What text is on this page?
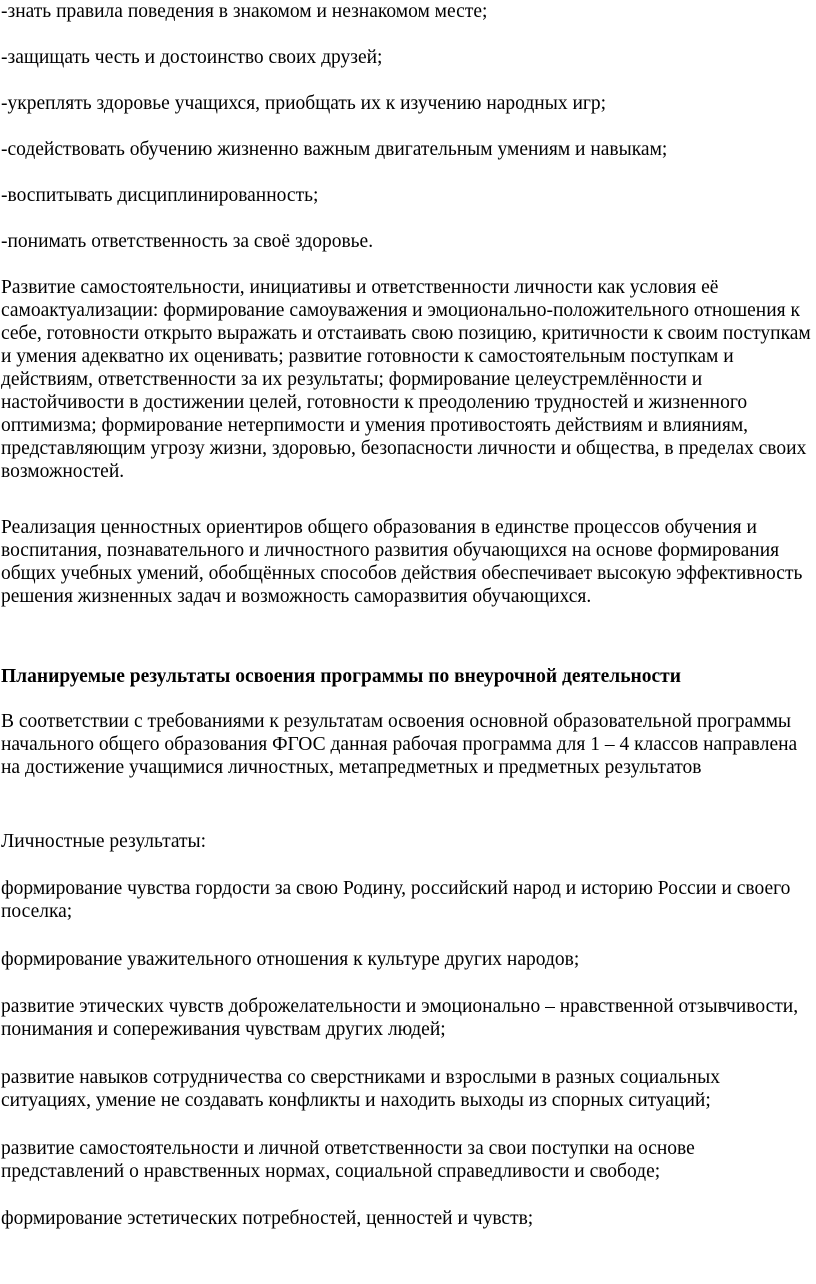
-знать правила поведения в знакомом и незнакомом месте;

-защищать честь и достоинство своих друзей;

-укреплять здоровье учащихся, приобщать их к изучению народных игр;

-содействовать обучению жизненно важным двигательным умениям и навыкам;

-воспитывать дисциплинированность;

-понимать ответственность за своё здоровье.

Развитие самостоятельности, инициативы и ответственности личности как условия её самоактуализации: формирование самоуважения и эмоционально-положительного отношения к себе, готовности открыто выражать и отстаивать свою позицию, критичности к своим поступкам и умения адекватно их оценивать; развитие готовности к самостоятельным поступкам и действиям, ответственности за их результаты; формирование целеустремлённости и настойчивости в достижении целей, готовности к преодолению трудностей и жизненного оптимизма; формирование нетерпимости и умения противостоять действиям и влияниям, представляющим угрозу жизни, здоровью, безопасности личности и общества, в пределах своих возможностей.

Реализация ценностных ориентиров общего образования в единстве процессов обучения и воспитания, познавательного и личностного развития обучающихся на основе формирования общих учебных умений, обобщённых способов действия обеспечивает высокую эффективность решения жизненных задач и возможность саморазвития обучающихся.

Планируемые результаты освоения программы по внеурочной деятельности

В соответствии с требованиями к результатам освоения основной образовательной программы начального общего образования ФГОС данная рабочая программа для 1 – 4 классов направлена на достижение учащимися личностных, метапредметных и предметных результатов

Личностные результаты:

формирование чувства гордости за свою Родину, российский народ и историю России и своего поселка;

формирование уважительного отношения к культуре других народов;

развитие этических чувств доброжелательности и эмоционально – нравственной отзывчивости, понимания и сопереживания чувствам других людей;

развитие навыков сотрудничества со сверстниками и взрослыми в разных социальных ситуациях, умение не создавать конфликты и находить выходы из спорных ситуаций;

развитие самостоятельности и личной ответственности за свои поступки на основе представлений о нравственных нормах, социальной справедливости и свободе;

формирование эстетических потребностей, ценностей и чувств;
